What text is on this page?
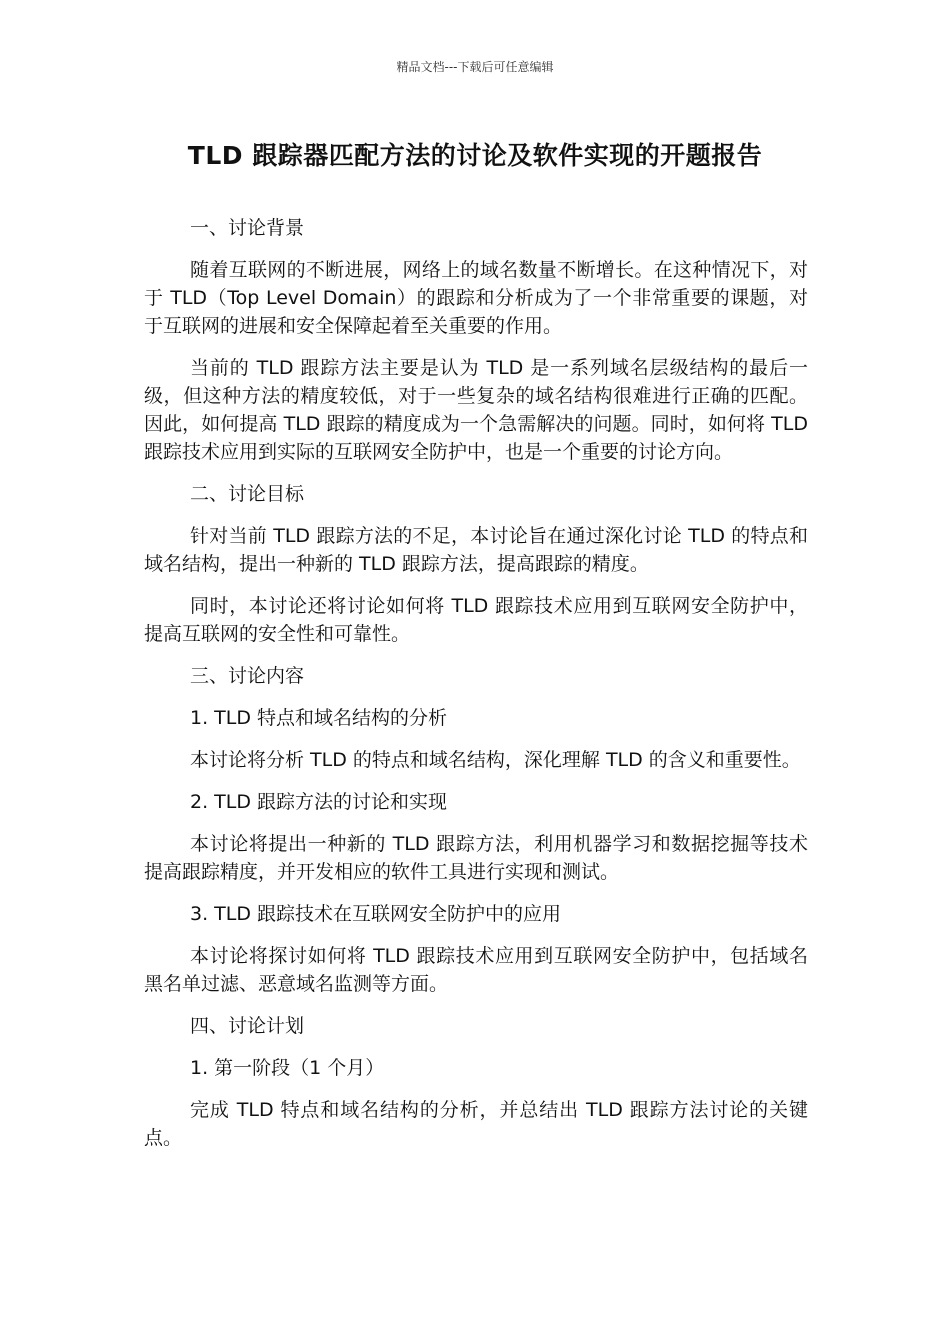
精品文档---下载后可任意编辑
TLD 跟踪器匹配方法的讨论及软件实现的开题报告

一、讨论背景

随着互联网的不断进展，网络上的域名数量不断增长。在这种情况下，对于 TLD（Top Level Domain）的跟踪和分析成为了一个非常重要的课题，对于互联网的进展和安全保障起着至关重要的作用。

当前的 TLD 跟踪方法主要是认为 TLD 是一系列域名层级结构的最后一级，但这种方法的精度较低，对于一些复杂的域名结构很难进行正确的匹配。因此，如何提高 TLD 跟踪的精度成为一个急需解决的问题。同时，如何将 TLD 跟踪技术应用到实际的互联网安全防护中，也是一个重要的讨论方向。

二、讨论目标

针对当前 TLD 跟踪方法的不足，本讨论旨在通过深化讨论 TLD 的特点和域名结构，提出一种新的 TLD 跟踪方法，提高跟踪的精度。

同时，本讨论还将讨论如何将 TLD 跟踪技术应用到互联网安全防护中，提高互联网的安全性和可靠性。

三、讨论内容

1. TLD 特点和域名结构的分析

本讨论将分析 TLD 的特点和域名结构，深化理解 TLD 的含义和重要性。

2. TLD 跟踪方法的讨论和实现

本讨论将提出一种新的 TLD 跟踪方法，利用机器学习和数据挖掘等技术提高跟踪精度，并开发相应的软件工具进行实现和测试。

3. TLD 跟踪技术在互联网安全防护中的应用

本讨论将探讨如何将 TLD 跟踪技术应用到互联网安全防护中，包括域名黑名单过滤、恶意域名监测等方面。

四、讨论计划

1. 第一阶段（1 个月）

完成 TLD 特点和域名结构的分析，并总结出 TLD 跟踪方法讨论的关键点。
